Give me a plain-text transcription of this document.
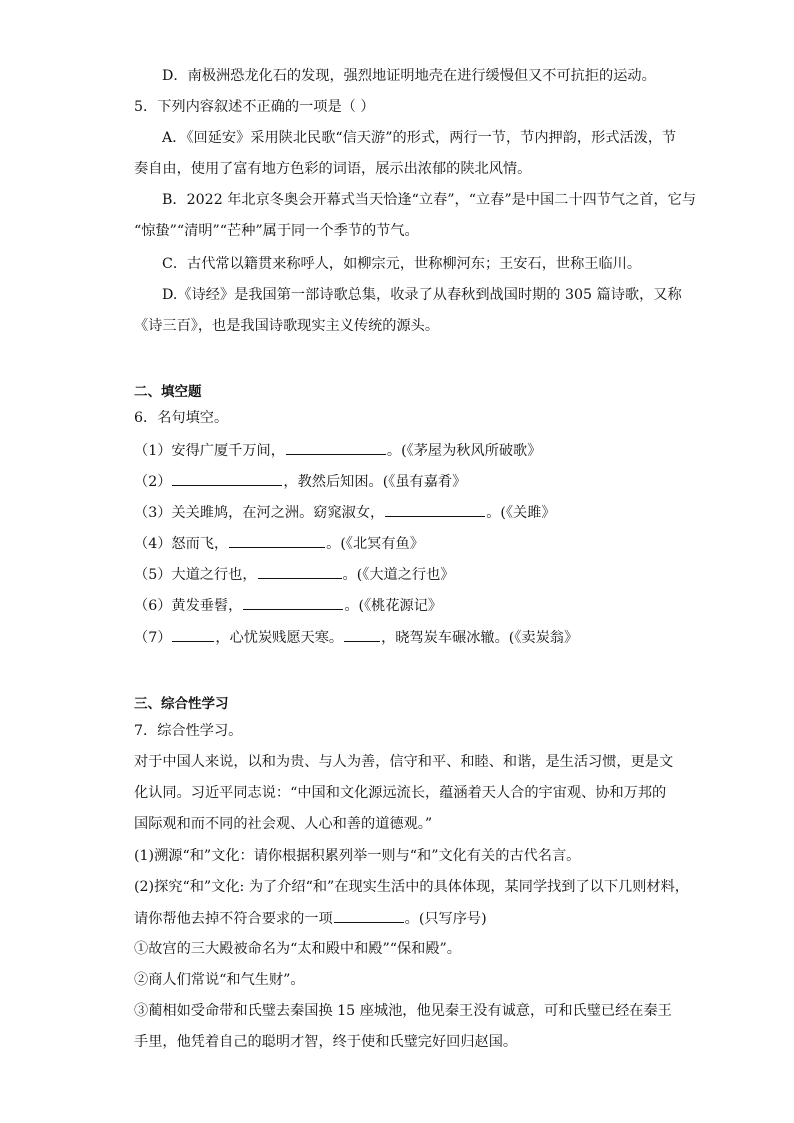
D．南极洲恐龙化石的发现，强烈地证明地壳在进行缓慢但又不可抗拒的运动。
5．下列内容叙述不正确的一项是（ ）
A．《回延安》采用陕北民歌“信天游”的形式，两行一节，节内押韵，形式活泼，节
奏自由，使用了富有地方色彩的词语，展示出浓郁的陕北风情。
B．2022 年北京冬奥会开幕式当天恰逢“立春”，“立春”是中国二十四节气之首，它与
“惊蛰”“清明”“芒种”属于同一个季节的节气。
C．古代常以籍贯来称呼人，如柳宗元，世称柳河东；王安石，世称王临川。
D.《诗经》是我国第一部诗歌总集，收录了从春秋到战国时期的 305 篇诗歌，又称
《诗三百》，也是我国诗歌现实主义传统的源头。
二、填空题
6．名句填空。
（1）安得广厦千万间，	。(《茅屋为秋风所破歌》
（2）	，教然后知困。(《虽有嘉肴》
（3）关关雎鸠，在河之洲。窈窕淑女，	。(《关雎》
（4）怒而飞，	。(《北冥有鱼》
（5）大道之行也，	。(《大道之行也》
（6）黄发垂髫，	。(《桃花源记》
（7）	，心忧炭贱愿天寒。	，晓驾炭车碾冰辙。(《卖炭翁》
三、综合性学习
7．综合性学习。
对于中国人来说，以和为贵、与人为善，信守和平、和睦、和谐，是生活习惯，更是文
化认同。习近平同志说：“中国和文化源远流长，蕴涵着天人合的宇宙观、协和万邦的
国际观和而不同的社会观、人心和善的道德观。”
(1)溯源“和”文化：请你根据积累列举一则与“和”文化有关的古代名言。
(2)探究“和”文化: 为了介绍“和”在现实生活中的具体体现，某同学找到了以下几则材料，
请你帮他去掉不符合要求的一项	。(只写序号)
①故宫的三大殿被命名为“太和殿中和殿”“保和殿”。
②商人们常说“和气生财”。
③蔺相如受命带和氏璧去秦国换 15 座城池，他见秦王没有诚意，可和氏璧已经在秦王
手里，他凭着自己的聪明才智，终于使和氏璧完好回归赵国。
